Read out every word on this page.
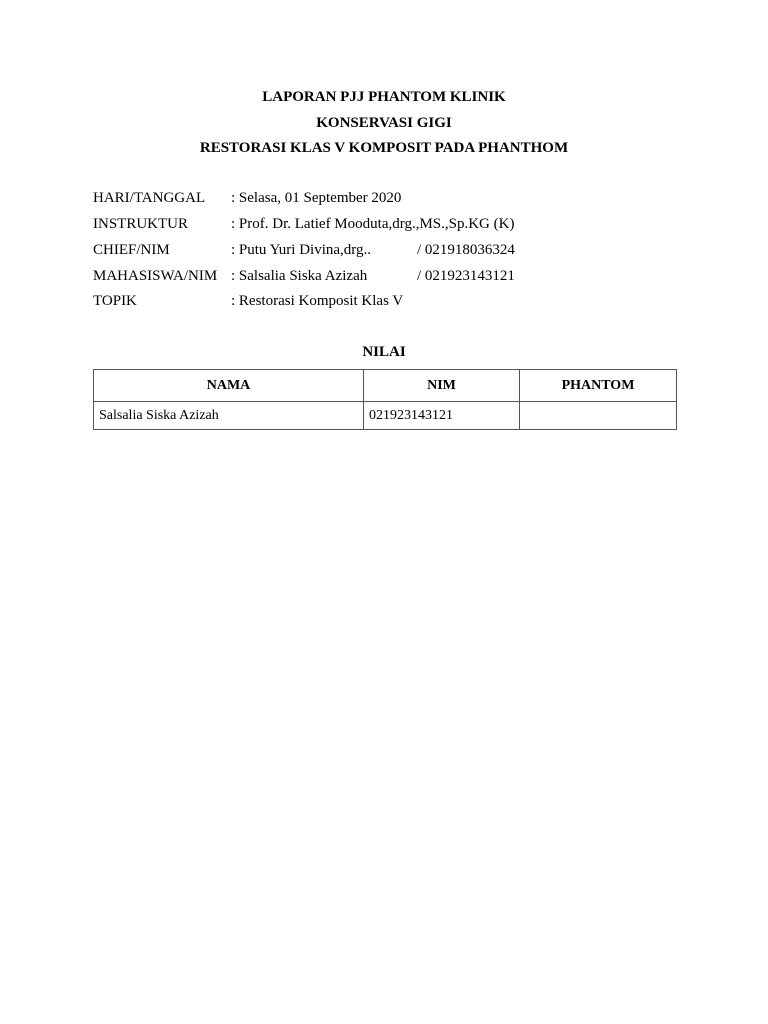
LAPORAN PJJ PHANTOM KLINIK
KONSERVASI GIGI
RESTORASI KLAS V KOMPOSIT PADA PHANTHOM
HARI/TANGGAL : Selasa, 01 September 2020
INSTRUKTUR	: Prof. Dr. Latief Mooduta,drg.,MS.,Sp.KG (K)
CHIEF/NIM	: Putu Yuri Divina,drg..	/ 021918036324
MAHASISWA/NIM : Salsalia Siska Azizah	/ 021923143121
TOPIK	: Restorasi Komposit Klas V
NILAI
NAMA	NIM	PHANTOM
Salsalia Siska Azizah	021923143121	
